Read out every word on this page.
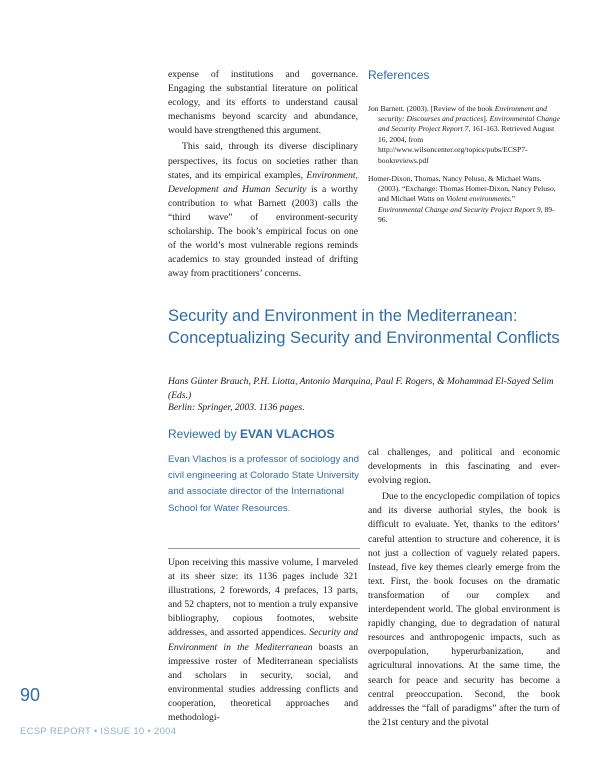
expense of institutions and governance. Engaging the substantial literature on political ecology, and its efforts to understand causal mechanisms beyond scarcity and abundance, would have strengthened this argument.

This said, through its diverse disciplinary perspectives, its focus on societies rather than states, and its empirical examples, Environment, Development and Human Security is a worthy contribution to what Barnett (2003) calls the “third wave” of environment-security scholarship. The book’s empirical focus on one of the world’s most vulnerable regions reminds academics to stay grounded instead of drifting away from practitioners’ concerns.

References

Jon Barnett. (2003). [Review of the book Environment and security: Discourses and practices]. Environmental Change and Security Project Report 7, 161-163. Retrieved August 16, 2004, from http://www.wilsoncenter.org/topics/pubs/ECSP7-bookreviews.pdf

Homer-Dixon, Thomas, Nancy Peluso, & Michael Watts. (2003). “Exchange: Thomas Homer-Dixon, Nancy Peluso, and Michael Watts on Violent environments.” Environmental Change and Security Project Report 9, 89-96.

Security and Environment in the Mediterranean: Conceptualizing Security and Environmental Conflicts
Hans Günter Brauch, P.H. Liotta, Antonio Marquina, Paul F. Rogers, & Mohammad El-Sayed Selim (Eds.)
Berlin: Springer, 2003. 1136 pages.
Reviewed by EVAN VLACHOS
Evan Vlachos is a professor of sociology and civil engineering at Colorado State University and associate director of the International School for Water Resources.

Upon receiving this massive volume, I marveled at its sheer size: its 1136 pages include 321 illustrations, 2 forewords, 4 prefaces, 13 parts, and 52 chapters, not to mention a truly expansive bibliography, copious footnotes, website addresses, and assorted appendices. Security and Environment in the Mediterranean boasts an impressive roster of Mediterranean specialists and scholars in security, social, and environmental studies addressing conflicts and cooperation, theoretical approaches and methodologi-

cal challenges, and political and economic developments in this fascinating and ever-evolving region.

Due to the encyclopedic compilation of topics and its diverse authorial styles, the book is difficult to evaluate. Yet, thanks to the editors’ careful attention to structure and coherence, it is not just a collection of vaguely related papers. Instead, five key themes clearly emerge from the text. First, the book focuses on the dramatic transformation of our complex and interdependent world. The global environment is rapidly changing, due to degradation of natural resources and anthropogenic impacts, such as overpopulation, hyperurbanization, and agricultural innovations. At the same time, the search for peace and security has become a central preoccupation. Second, the book addresses the “fall of paradigms” after the turn of the 21st century and the pivotal

90
ECSP REPORT • ISSUE 10 • 2004
